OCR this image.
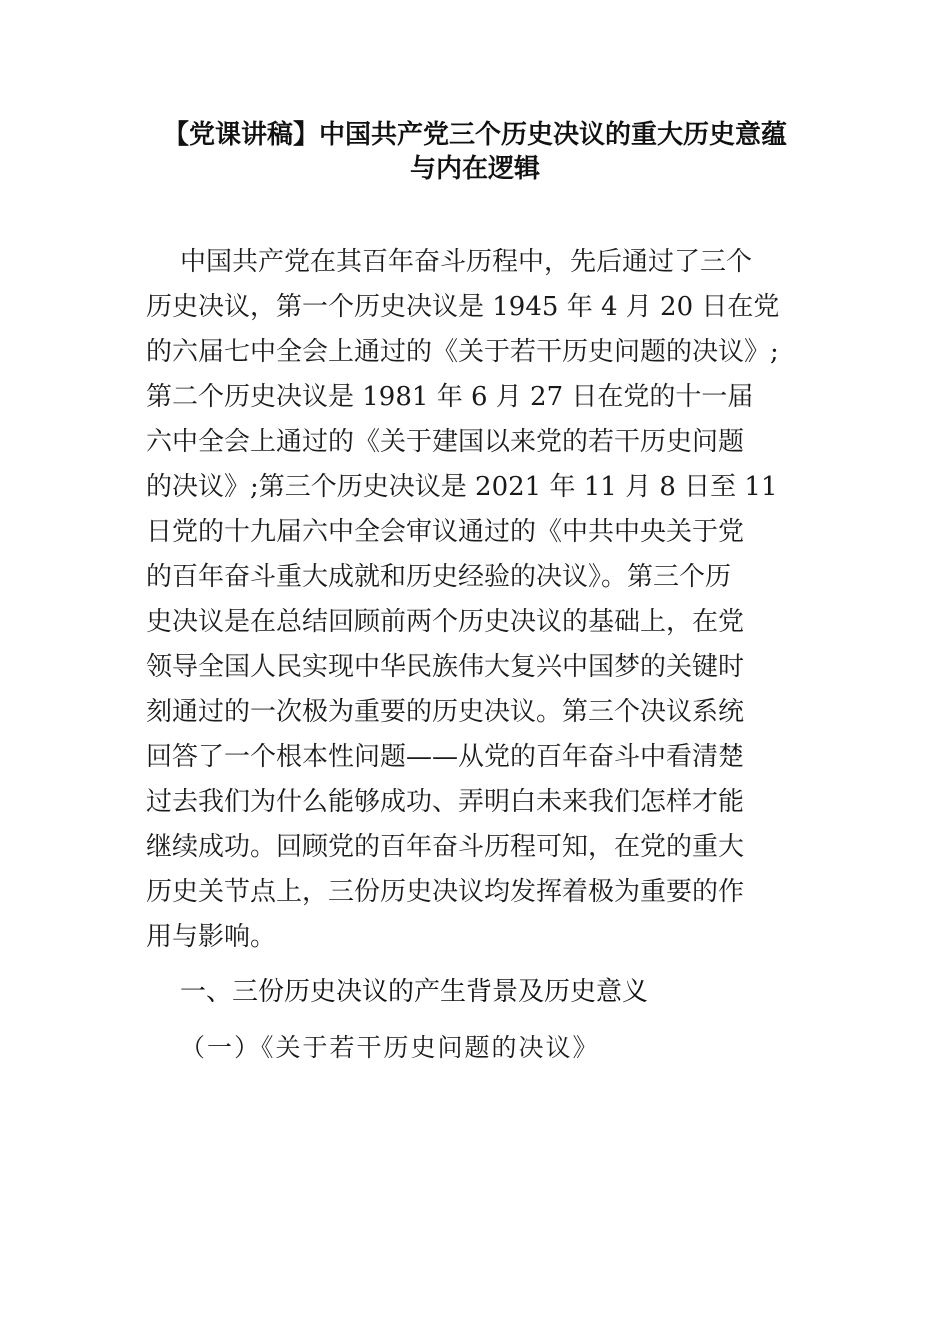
【党课讲稿】中国共产党三个历史决议的重大历史意蕴
与内在逻辑
中国共产党在其百年奋斗历程中，先后通过了三个
历史决议，第一个历史决议是 1945 年 4 月 20 日在党
的六届七中全会上通过的《关于若干历史问题的决议》;
第二个历史决议是 1981 年 6 月 27 日在党的十一届
六中全会上通过的《关于建国以来党的若干历史问题
的决议》;第三个历史决议是 2021 年 11 月 8 日至 11
日党的十九届六中全会审议通过的《中共中央关于党
的百年奋斗重大成就和历史经验的决议》。第三个历
史决议是在总结回顾前两个历史决议的基础上，在党
领导全国人民实现中华民族伟大复兴中国梦的关键时
刻通过的一次极为重要的历史决议。第三个决议系统
回答了一个根本性问题——从党的百年奋斗中看清楚
过去我们为什么能够成功、弄明白未来我们怎样才能
继续成功。回顾党的百年奋斗历程可知，在党的重大
历史关节点上，三份历史决议均发挥着极为重要的作
用与影响。
一、三份历史决议的产生背景及历史意义
（一）《关于若干历史问题的决议》
